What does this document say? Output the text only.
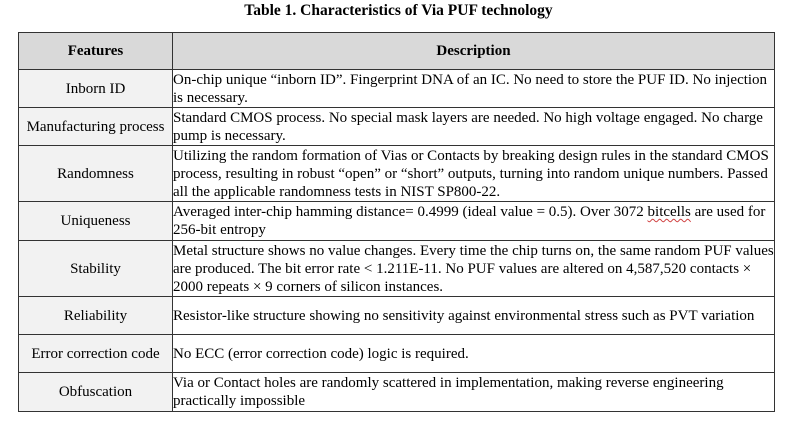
Table 1. Characteristics of Via PUF technology
Features	Description
Inborn ID	On-chip unique “inborn ID”. Fingerprint DNA of an IC. No need to store the PUF ID. No injection is necessary.
Manufacturing process	Standard CMOS process. No special mask layers are needed. No high voltage engaged. No charge pump is necessary.
Randomness	Utilizing the random formation of Vias or Contacts by breaking design rules in the standard CMOS process, resulting in robust “open” or “short” outputs, turning into random unique numbers. Passed all the applicable randomness tests in NIST SP800-22.
Uniqueness	Averaged inter-chip hamming distance= 0.4999 (ideal value = 0.5). Over 3072 bitcells are used for 256-bit entropy
Stability	Metal structure shows no value changes. Every time the chip turns on, the same random PUF values are produced. The bit error rate < 1.211E-11. No PUF values are altered on 4,587,520 contacts × 2000 repeats × 9 corners of silicon instances.
Reliability	Resistor-like structure showing no sensitivity against environmental stress such as PVT variation
Error correction code	No ECC (error correction code) logic is required.
Obfuscation	Via or Contact holes are randomly scattered in implementation, making reverse engineering practically impossible
